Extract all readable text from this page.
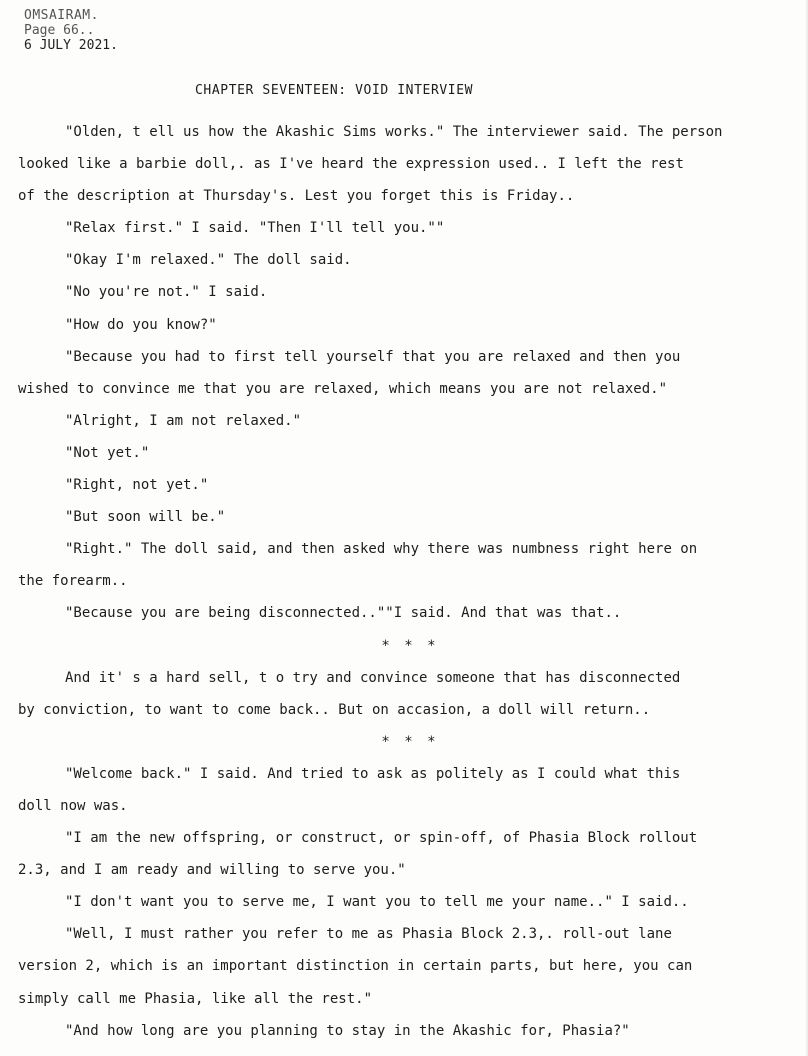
OMSAIRAM.
Page 66..
6 JULY 2021.
CHAPTER SEVENTEEN: VOID INTERVIEW
"Olden, t ell us how the Akashic Sims works." The interviewer said. The person
looked like a barbie doll,. as I've heard the expression used.. I left the rest
of the description at Thursday's. Lest you forget this is Friday..
"Relax first." I said. "Then I'll tell you.""
"Okay I'm relaxed." The doll said.
"No you're not." I said.
"How do you know?"
"Because you had to first tell yourself that you are relaxed and then you
wished to convince me that you are relaxed, which means you are not relaxed."
"Alright, I am not relaxed."
"Not yet."
"Right, not yet."
"But soon will be."
"Right." The doll said, and then asked why there was numbness right here on
the forearm..
"Because you are being disconnected..""I said. And that was that..
* * *
And it' s a hard sell, t o try and convince someone that has disconnected
by conviction, to want to come back.. But on accasion, a doll will return..
* * *
"Welcome back." I said. And tried to ask as politely as I could what this
doll now was.
"I am the new offspring, or construct, or spin-off, of Phasia Block rollout
2.3, and I am ready and willing to serve you."
"I don't want you to serve me, I want you to tell me your name.." I said..
"Well, I must rather you refer to me as Phasia Block 2.3,. roll-out lane
version 2, which is an important distinction in certain parts, but here, you can
simply call me Phasia, like all the rest."
"And how long are you planning to stay in the Akashic for, Phasia?"
